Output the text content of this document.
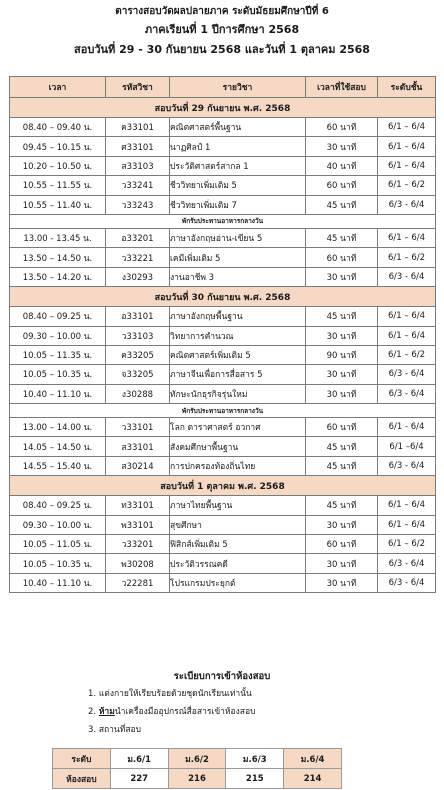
ตารางสอบวัดผลปลายภาค ระดับมัธยมศึกษาปีที่ 6
ภาคเรียนที่ 1 ปีการศึกษา 2568
สอบวันที่ 29 - 30 กันยายน 2568 และวันที่ 1 ตุลาคม 2568
เวลา	รหัสวิชา	รายวิชา	เวลาที่ใช้สอบ	ระดับชั้น
สอบวันที่ 29 กันยายน พ.ศ. 2568				
08.40 – 09.40 น.	ค33101	คณิตศาสตร์พื้นฐาน	60 นาที	6/1 – 6/4
09.45 – 10.15 น.	ศ33101	นาฏศิลป์ 1	30 นาที	6/1 – 6/4
10.20 – 10.50 น.	ส33103	ประวัติศาสตร์สากล 1	40 นาที	6/1 – 6/4
10.55 – 11.55 น.	ว33241	ชีววิทยาเพิ่มเติม 5	60 นาที	6/1 – 6/2
10.55 – 11.40 น.	ว33243	ชีววิทยาเพิ่มเติม 7	45 นาที	6/3 - 6/4
พักรับประทานอาหารกลางวัน				
13.00 - 13.45 น.	อ33201	ภาษาอังกฤษอ่าน-เขียน 5	45 นาที	6/1 – 6/4
13.50 – 14.50 น.	ว33221	เคมีเพิ่มเติม 5	60 นาที	6/1 – 6/2
13.50 – 14.20 น.	ง30293	งานอาชีพ 3	30 นาที	6/3 - 6/4
สอบวันที่ 30 กันยายน พ.ศ. 2568				
08.40 – 09.25 น.	อ33101	ภาษาอังกฤษพื้นฐาน	45 นาที	6/1 – 6/4
09.30 – 10.00 น.	ว33103	วิทยาการคำนวณ	30 นาที	6/1 – 6/4
10.05 – 11.35 น.	ค33205	คณิตศาสตร์เพิ่มเติม 5	90 นาที	6/1 – 6/2
10.05 – 10.35 น.	จ33205	ภาษาจีนเพื่อการสื่อสาร 5	30 นาที	6/3 - 6/4
10.40 – 11.10 น.	ง30288	ทักษะนักธุรกิจรุ่นใหม่	30 นาที	6/3 - 6/4
พักรับประทานอาหารกลางวัน				
13.00 – 14.00 น.	ว33101	โลก ดาราศาสตร์ อวกาศ	60 นาที	6/1 - 6/4
14.05 – 14.50 น.	ส33101	สังคมศึกษาพื้นฐาน	45 นาที	6/1 –6/4
14.55 – 15.40 น.	ส30214	การปกครองท้องถิ่นไทย	45 นาที	6/3 - 6/4
สอบวันที่ 1 ตุลาคม พ.ศ. 2568				
08.40 – 09.25 น.	ท33101	ภาษาไทยพื้นฐาน	45 นาที	6/1 – 6/4
09.30 – 10.00 น.	พ33101	สุขศึกษา	30 นาที	6/1 – 6/4
10.05 – 11.05 น.	ว33201	ฟิสิกส์เพิ่มเติม 5	60 นาที	6/1 – 6/2
10.05 – 10.35 น.	พ30208	ประวัติวรรณคดี	30 นาที	6/3 - 6/4
10.40 – 11.10 น.	ว22281	โปรแกรมประยุกต์	30 นาที	6/3 - 6/4
ระเบียบการเข้าห้องสอบ
1. แต่งกายให้เรียบร้อยด้วยชุดนักเรียนเท่านั้น
2. ห้ามนำเครื่องมืออุปกรณ์สื่อสารเข้าห้องสอบ
3. สถานที่สอบ
ระดับ	ม.6/1	ม.6/2	ม.6/3	ม.6/4
ห้องสอบ	227	216	215	214
